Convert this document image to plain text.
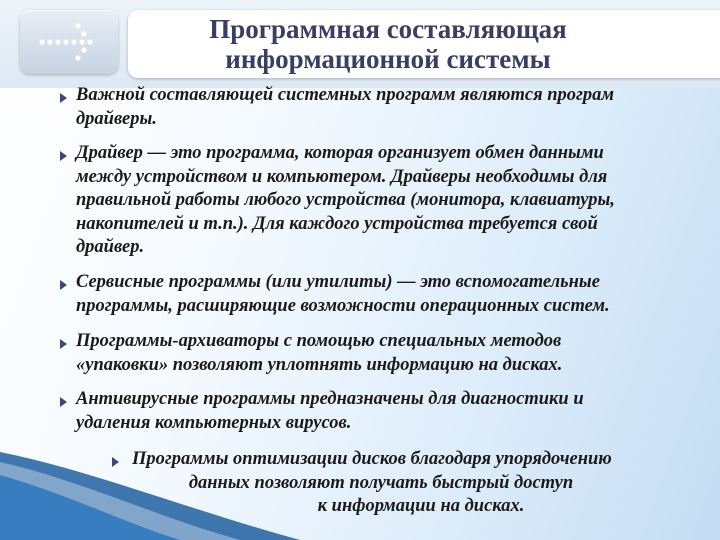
Программная составляющая
информационной системы
Важной составляющей системных программ являются програм
драйверы.
Драйвер — это программа, которая организует обмен данными
между устройством и компьютером. Драйверы необходимы для
правильной работы любого устройства (монитора, клавиатуры,
накопителей и т.п.). Для каждого устройства требуется свой
драйвер.
Сервисные программы (или утилиты) — это вспомогательные
программы, расширяющие возможности операционных систем.
Программы-архиваторы с помощью специальных методов
«упаковки» позволяют уплотнять информацию на дисках.
Антивирусные программы предназначены для диагностики и
удаления компьютерных вирусов.
Программы оптимизации дисков благодаря упорядочению
данных позволяют получать быстрый доступ
к информации на дисках.
